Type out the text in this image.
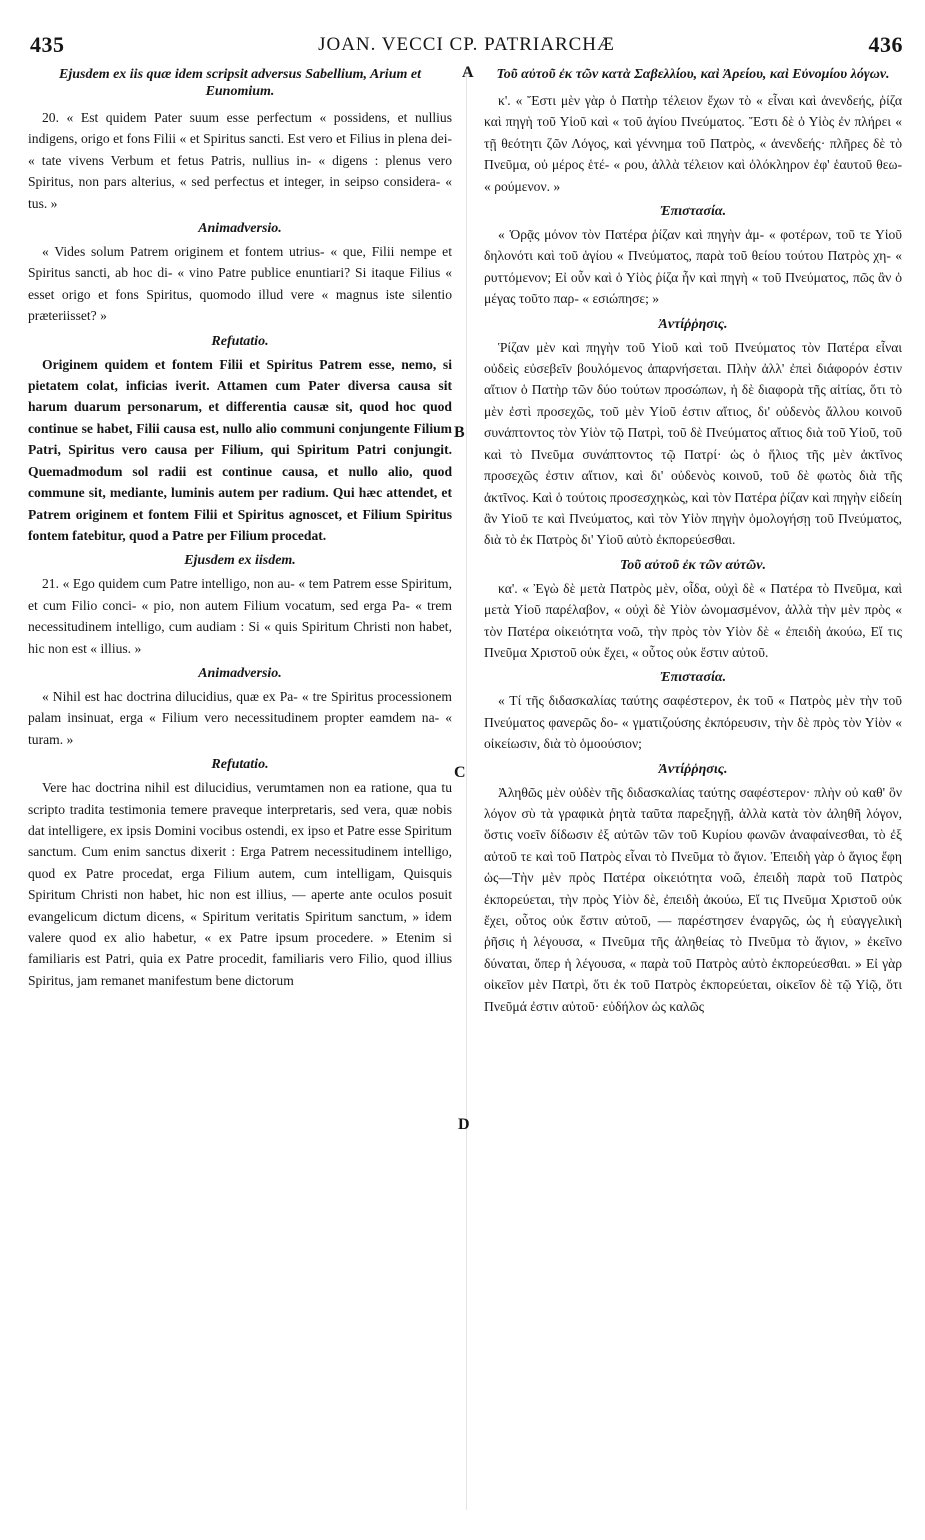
435	JOAN. VECCI CP. PATRIARCHÆ	436
A
B
C
D
Ejusdem ex iis quæ idem scripsit adversus Sabellium, Arium et Eunomium.

20. « Est quidem Pater suum esse perfectum « possidens, et nullius indigens, origo et fons Filii « et Spiritus sancti. Est vero et Filius in plena dei- « tate vivens Verbum et fetus Patris, nullius in- « digens : plenus vero Spiritus, non pars alterius, « sed perfectus et integer, in seipso considera- « tus. »

Animadversio.

« Vides solum Patrem originem et fontem utrius- « que, Filii nempe et Spiritus sancti, ab hoc di- « vino Patre publice enuntiari? Si itaque Filius « esset origo et fons Spiritus, quomodo illud vere « magnus iste silentio præteriisset? »

Refutatio.

Originem quidem et fontem Filii et Spiritus Patrem esse, nemo, si pietatem colat, inficias iverit. Attamen cum Pater diversa causa sit harum duarum personarum, et differentia causæ sit, quod hoc quod continue se habet, Filii causa est, nullo alio communi conjungente Filium Patri, Spiritus vero causa per Filium, qui Spiritum Patri conjungit. Quemadmodum sol radii est continue causa, et nullo alio, quod commune sit, mediante, luminis autem per radium. Qui hæc attendet, et Patrem originem et fontem Filii et Spiritus agnoscet, et Filium Spiritus fontem fatebitur, quod a Patre per Filium procedat.

Ejusdem ex iisdem.

21. « Ego quidem cum Patre intelligo, non au- « tem Patrem esse Spiritum, et cum Filio conci- « pio, non autem Filium vocatum, sed erga Pa- « trem necessitudinem intelligo, cum audiam : Si « quis Spiritum Christi non habet, hic non est « illius. »

Animadversio.

« Nihil est hac doctrina dilucidius, quæ ex Pa- « tre Spiritus processionem palam insinuat, erga « Filium vero necessitudinem propter eamdem na- « turam. »

Refutatio.

Vere hac doctrina nihil est dilucidius, verumtamen non ea ratione, qua tu scripto tradita testimonia temere praveque interpretaris, sed vera, quæ nobis dat intelligere, ex ipsis Domini vocibus ostendi, ex ipso et Patre esse Spiritum sanctum. Cum enim sanctus dixerit : Erga Patrem necessitudinem intelligo, quod ex Patre procedat, erga Filium autem, cum intelligam, Quisquis Spiritum Christi non habet, hic non est illius, — aperte ante oculos posuit evangelicum dictum dicens, « Spiritum veritatis Spiritum sanctum, » idem valere quod ex alio habetur, « ex Patre ipsum procedere. » Etenim si familiaris est Patri, quia ex Patre procedit, familiaris vero Filio, quod illius Spiritus, jam remanet manifestum bene dictorum

Τοῦ αὐτοῦ ἐκ τῶν κατὰ Σαβελλίου, καὶ Ἀρείου, καὶ Εὐνομίου λόγων.

κ'. « Ἔστι μὲν γὰρ ὁ Πατὴρ τέλειον ἔχων τὸ « εἶναι καὶ ἀνενδεής, ῥίζα καὶ πηγὴ τοῦ Υἱοῦ καὶ « τοῦ ἁγίου Πνεύματος. Ἔστι δὲ ὁ Υἱὸς ἐν πλήρει « τῇ θεότητι ζῶν Λόγος, καὶ γέννημα τοῦ Πατρὸς, « ἀνενδεής· πλῆρες δὲ τὸ Πνεῦμα, οὐ μέρος ἑτέ- « ρου, ἀλλὰ τέλειον καὶ ὁλόκληρον ἐφ' ἑαυτοῦ θεω- « ρούμενον. »

Ἐπιστασία.

« Ὁρᾷς μόνον τὸν Πατέρα ῥίζαν καὶ πηγὴν ἀμ- « φοτέρων, τοῦ τε Υἱοῦ δηλονότι καὶ τοῦ ἁγίου « Πνεύματος, παρὰ τοῦ θείου τούτου Πατρὸς χη- « ρυττόμενον; Εἰ οὖν καὶ ὁ Υἱὸς ῥίζα ἦν καὶ πηγὴ « τοῦ Πνεύματος, πῶς ἂν ὁ μέγας τοῦτο παρ- « εσιώπησε; »

Ἀντίῤῥησις.

Ῥίζαν μὲν καὶ πηγὴν τοῦ Υἱοῦ καὶ τοῦ Πνεύματος τὸν Πατέρα εἶναι οὐδεὶς εὐσεβεῖν βουλόμενος ἀπαρνήσεται. Πλὴν ἀλλ' ἐπεὶ διάφορόν ἐστιν αἴτιον ὁ Πατὴρ τῶν δύο τούτων προσώπων, ἡ δὲ διαφορὰ τῆς αἰτίας, ὅτι τὸ μὲν ἐστὶ προσεχῶς, τοῦ μὲν Υἱοῦ ἐστιν αἴτιος, δι' οὐδενὸς ἄλλου κοινοῦ συνάπτοντος τὸν Υἱὸν τῷ Πατρὶ, τοῦ δὲ Πνεύματος αἴτιος διὰ τοῦ Υἱοῦ, τοῦ καὶ τὸ Πνεῦμα συνάπτοντος τῷ Πατρί· ὡς ὁ ἥλιος τῆς μὲν ἀκτῖνος προσεχῶς ἐστιν αἴτιον, καὶ δι' οὐδενὸς κοινοῦ, τοῦ δὲ φωτὸς διὰ τῆς ἀκτῖνος. Καὶ ὁ τούτοις προσεσχηκὼς, καὶ τὸν Πατέρα ῥίζαν καὶ πηγὴν εἰδείη ἂν Υἱοῦ τε καὶ Πνεύματος, καὶ τὸν Υἱὸν πηγὴν ὁμολογήσῃ τοῦ Πνεύματος, διὰ τὸ ἐκ Πατρὸς δι' Υἱοῦ αὐτὸ ἐκπορεύεσθαι.

Τοῦ αὐτοῦ ἐκ τῶν αὐτῶν.

κα'. « Ἐγὼ δὲ μετὰ Πατρὸς μὲν, οἶδα, οὐχὶ δὲ « Πατέρα τὸ Πνεῦμα, καὶ μετὰ Υἱοῦ παρέλαβον, « οὐχὶ δὲ Υἱὸν ὠνομασμένον, ἀλλὰ τὴν μὲν πρὸς « τὸν Πατέρα οἰκειότητα νοῶ, τὴν πρὸς τὸν Υἱὸν δὲ « ἐπειδὴ ἀκούω, Εἴ τις Πνεῦμα Χριστοῦ οὐκ ἔχει, « οὗτος οὐκ ἔστιν αὐτοῦ.

Ἐπιστασία.

« Τί τῆς διδασκαλίας ταύτης σαφέστερον, ἐκ τοῦ « Πατρὸς μὲν τὴν τοῦ Πνεύματος φανερῶς δο- « γματιζούσης ἐκπόρευσιν, τὴν δὲ πρὸς τὸν Υἱὸν « οἰκείωσιν, διὰ τὸ ὁμοούσιον;

Ἀντίῤῥησις.

Ἀληθῶς μὲν οὐδὲν τῆς διδασκαλίας ταύτης σαφέστερον· πλὴν οὐ καθ' ὃν λόγον σὺ τὰ γραφικὰ ῥητὰ ταῦτα παρεξηγῇ, ἀλλὰ κατὰ τὸν ἀληθῆ λόγον, ὅστις νοεῖν δίδωσιν ἐξ αὐτῶν τῶν τοῦ Κυρίου φωνῶν ἀναφαίνεσθαι, τὸ ἐξ αὐτοῦ τε καὶ τοῦ Πατρὸς εἶναι τὸ Πνεῦμα τὸ ἅγιον. Ἐπειδὴ γὰρ ὁ ἅγιος ἔφη ὡς—Τὴν μὲν πρὸς Πατέρα οἰκειότητα νοῶ, ἐπειδὴ παρὰ τοῦ Πατρὸς ἐκπορεύεται, τὴν πρὸς Υἱὸν δὲ, ἐπειδὴ ἀκούω, Εἴ τις Πνεῦμα Χριστοῦ οὐκ ἔχει, οὗτος οὐκ ἔστιν αὐτοῦ, — παρέστησεν ἐναργῶς, ὡς ἡ εὐαγγελικὴ ῥῆσις ἡ λέγουσα, « Πνεῦμα τῆς ἀληθείας τὸ Πνεῦμα τὸ ἅγιον, » ἐκεῖνο δύναται, ὅπερ ἡ λέγουσα, « παρὰ τοῦ Πατρὸς αὐτὸ ἐκπορεύεσθαι. » Εἰ γὰρ οἰκεῖον μὲν Πατρὶ, ὅτι ἐκ τοῦ Πατρὸς ἐκπορεύεται, οἰκεῖον δὲ τῷ Υἱῷ, ὅτι Πνεῦμά ἐστιν αὐτοῦ· εὐδήλον ὡς καλῶς
